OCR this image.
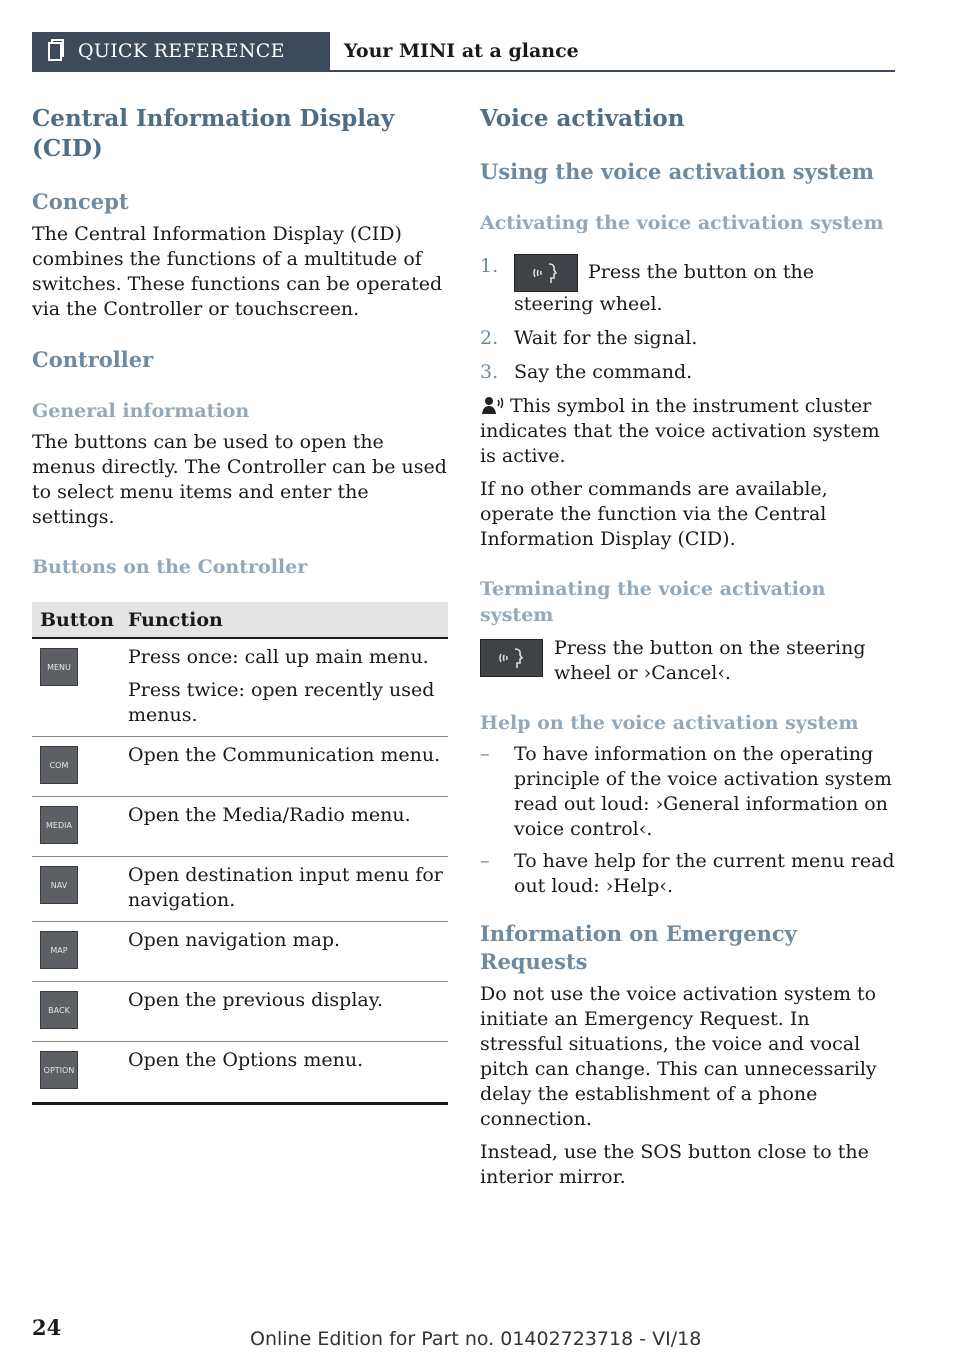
QUICK REFERENCE	Your MINI at a glance
Central Information Display (CID)
Concept
The Central Information Display (CID) combines the functions of a multitude of switches. These functions can be operated via the Controller or touchscreen.
Controller
General information
The buttons can be used to open the menus directly. The Controller can be used to select menu items and enter the settings.
Buttons on the Controller
Button	Function

MENU	Press once: call up main menu.
Press twice: open recently used menus.

COM	Open the Communication menu.

MEDIA	Open the Media/Radio menu.

NAV	Open destination input menu for navigation.

MAP	Open navigation map.

BACK	Open the previous display.

OPTION	Open the Options menu.
Voice activation
Using the voice activation system
Activating the voice activation system
1.	Press the button on the steering wheel.
2. Wait for the signal.
3. Say the command.
This symbol in the instrument cluster indicates that the voice activation system is active.
If no other commands are available, operate the function via the Central Information Display (CID).
Terminating the voice activation system
Press the button on the steering wheel or ›Cancel‹.
Help on the voice activation system
–	To have information on the operating principle of the voice activation system read out loud: ›General information on voice control‹.
–	To have help for the current menu read out loud: ›Help‹.
Information on Emergency Requests
Do not use the voice activation system to initiate an Emergency Request. In stressful situations, the voice and vocal pitch can change. This can unnecessarily delay the establishment of a phone connection.
Instead, use the SOS button close to the interior mirror.
24	Online Edition for Part no. 01402723718 - VI/18
